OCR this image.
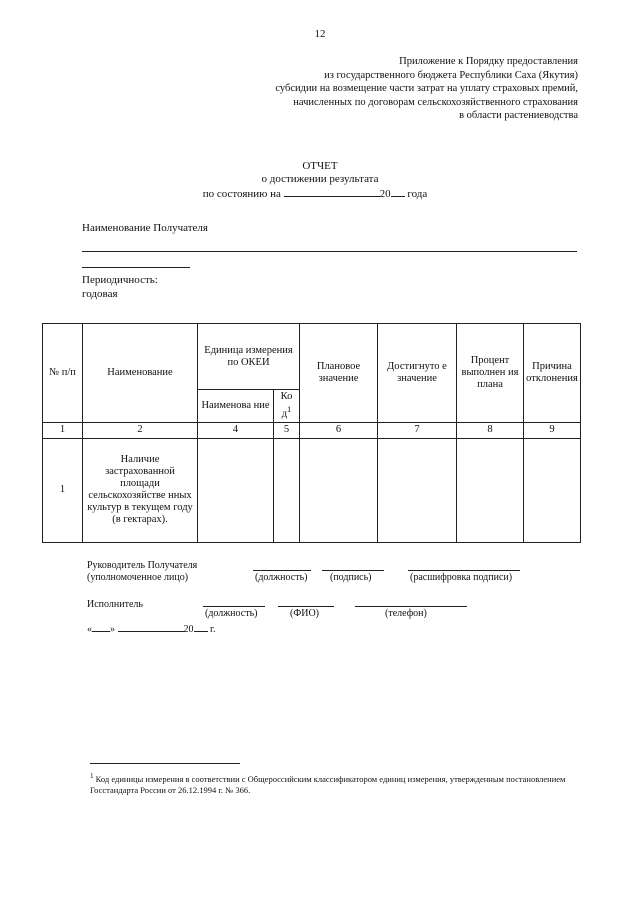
12
Приложение к Порядку предоставления
из государственного бюджета Республики Саха (Якутия)
субсидии на возмещение части затрат на уплату страховых премий,
начисленных по договорам сельскохозяйственного страхования
в области растениеводства
ОТЧЕТ
о достижении результата
по состоянию на	20 года
Наименование Получателя
Периодичность:
годовая
№ п/п	Наименование	Единица измерения по ОКЕИ		Плановое значение	Достигнуто е значение	Процент выполнен ия плана	Причина отклонения
		Наименова ние	Ко $д^1$
1	2	4	5	6	7	8	9
1	Наличие застрахованной площади сельскохозяйстве нных культур в текущем году (в гектарах).						
Руководитель Получателя
(уполномоченное лицо)	(должность) (подпись)	(расшифровка подписи)
Исполнитель
(должность)	(ФИО)	(телефон)
« »	20 г.
$^1$ Код единицы измерения в соответствии с Общероссийским классификатором единиц измерения, утвержденным постановлением Госстандарта России от 26.12.1994 г. № 366.
